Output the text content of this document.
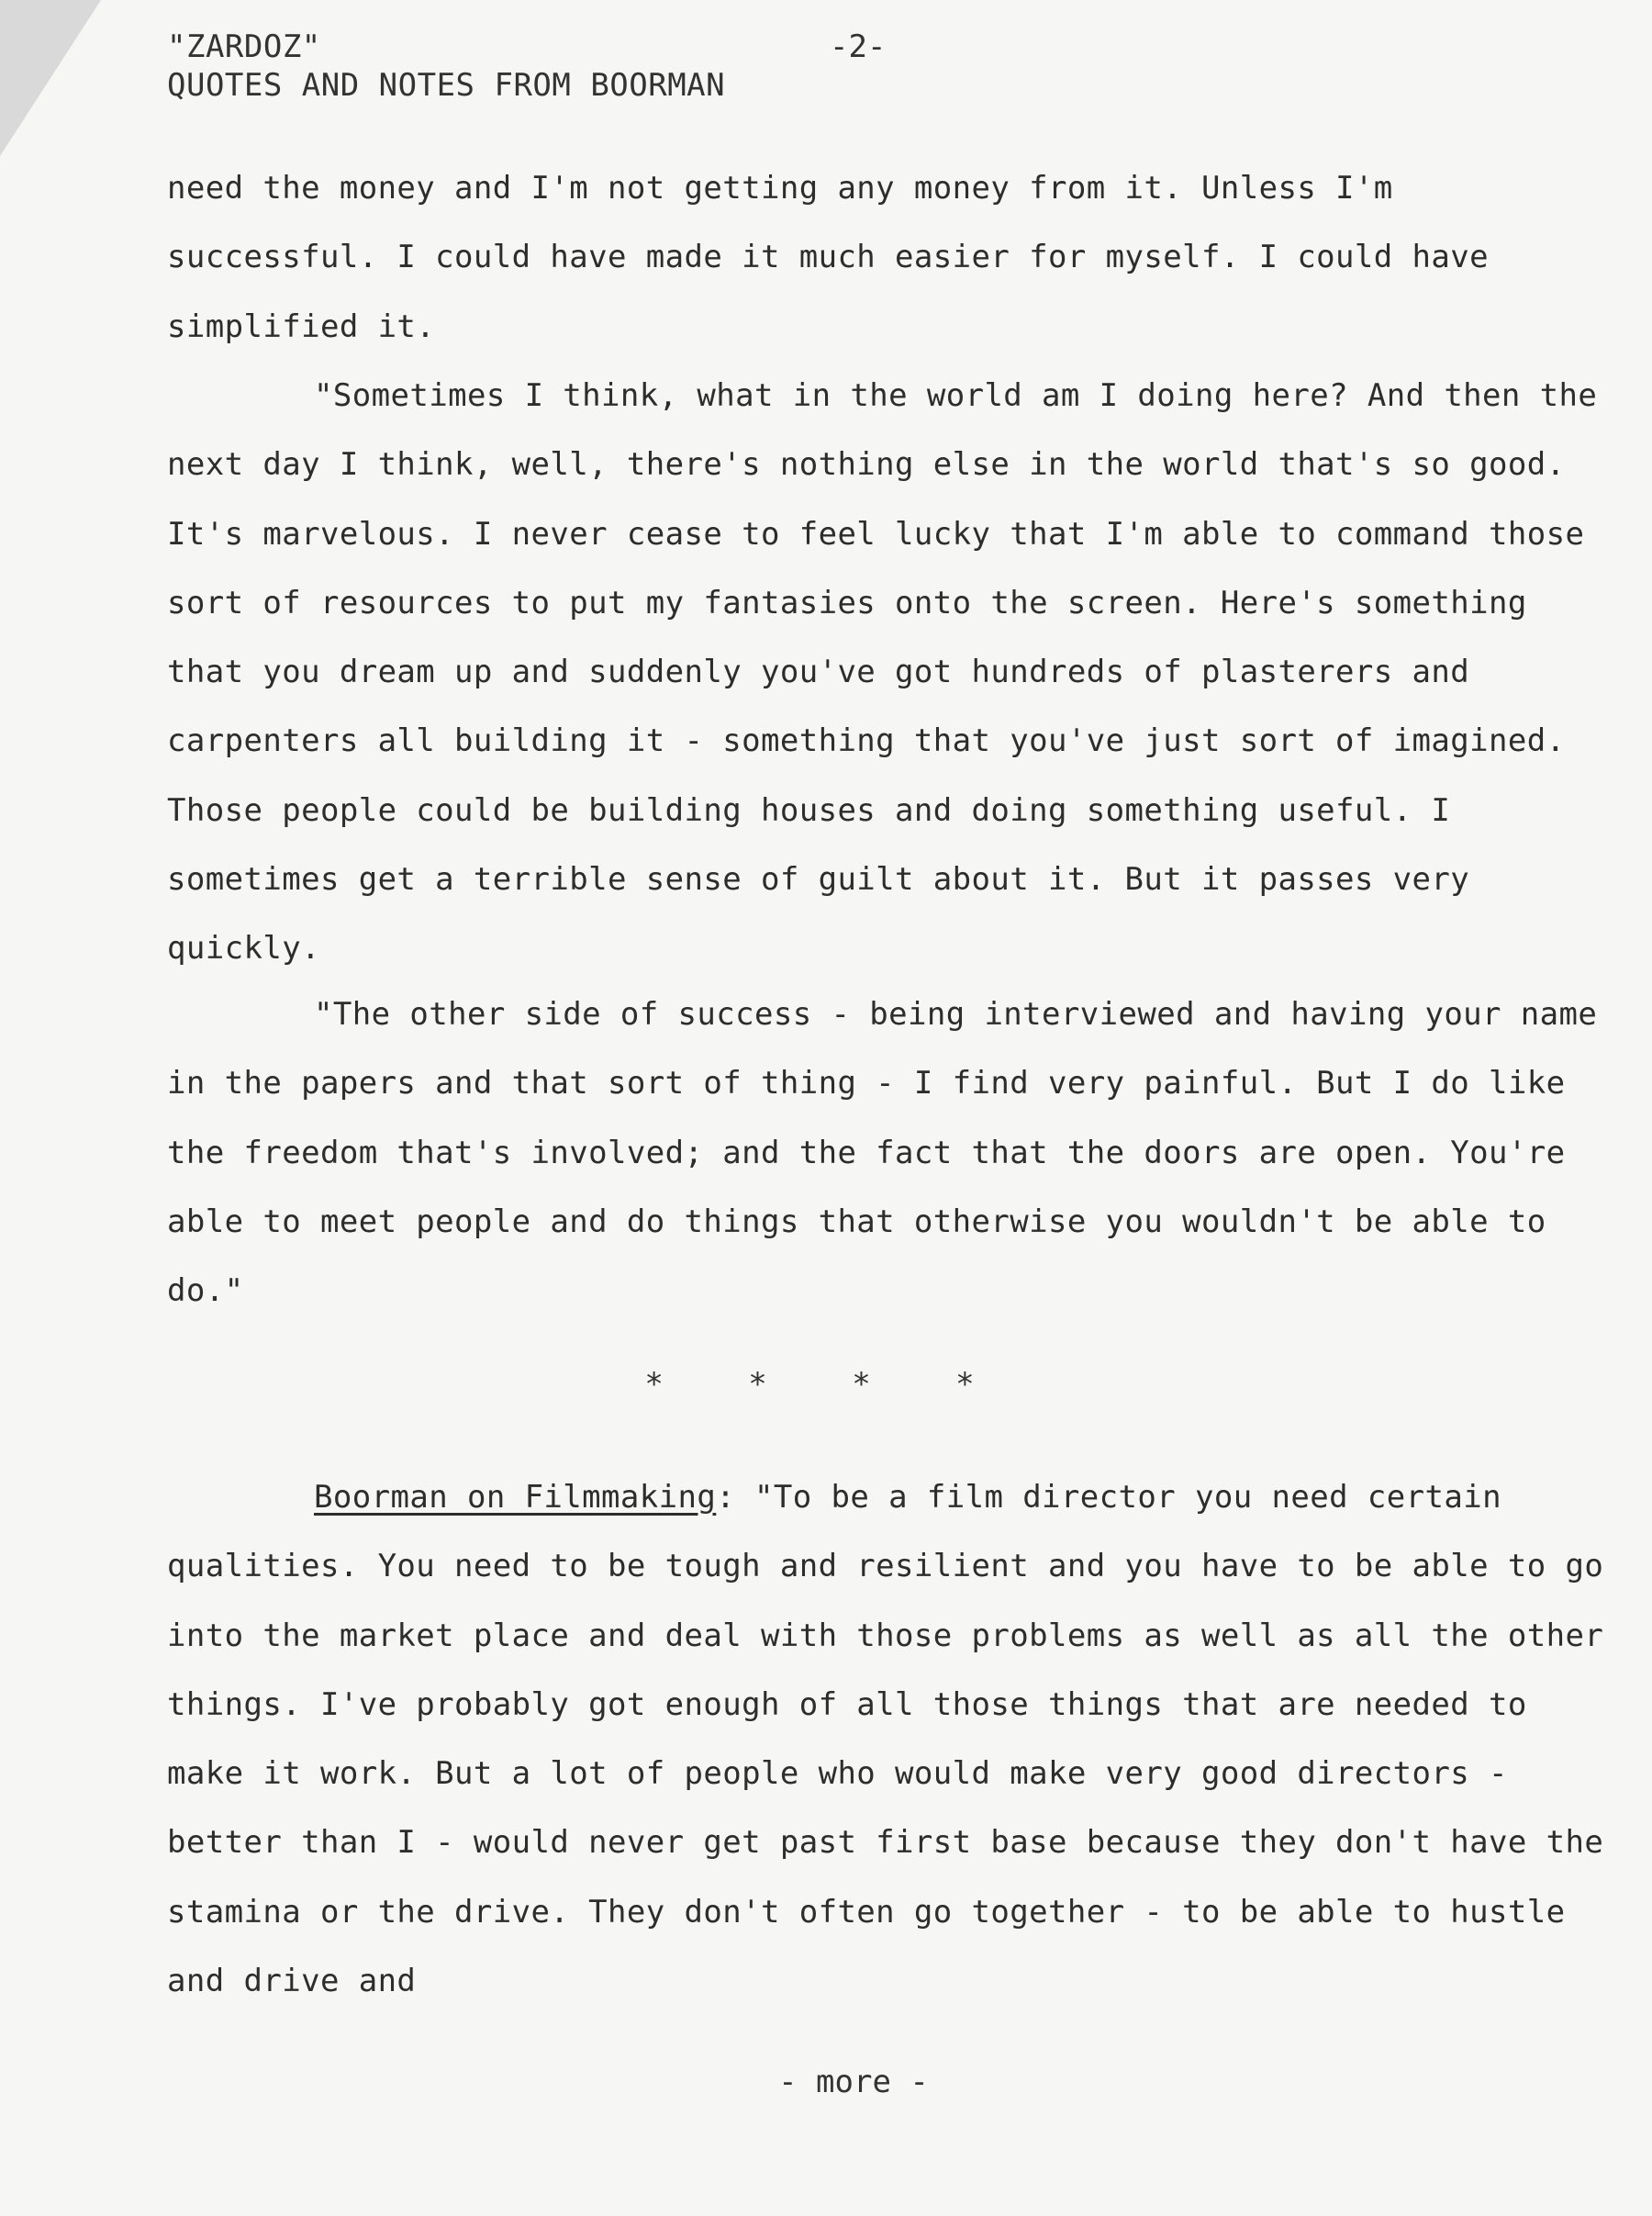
"ZARDOZ"
QUOTES AND NOTES FROM BOORMAN
-2-

need the money and I'm not getting any money from it. Unless I'm successful. I could have made it much easier for myself. I could have simplified it.

"Sometimes I think, what in the world am I doing here? And then the next day I think, well, there's nothing else in the world that's so good. It's marvelous. I never cease to feel lucky that I'm able to command those sort of resources to put my fantasies onto the screen. Here's something that you dream up and suddenly you've got hundreds of plasterers and carpenters all building it - something that you've just sort of imagined. Those people could be building houses and doing something useful. I sometimes get a terrible sense of guilt about it. But it passes very quickly.

"The other side of success - being interviewed and having your name in the papers and that sort of thing - I find very painful. But I do like the freedom that's involved; and the fact that the doors are open. You're able to meet people and do things that otherwise you wouldn't be able to do."

* * * *

Boorman on Filmmaking: "To be a film director you need certain qualities. You need to be tough and resilient and you have to be able to go into the market place and deal with those problems as well as all the other things. I've probably got enough of all those things that are needed to make it work. But a lot of people who would make very good directors - better than I - would never get past first base because they don't have the stamina or the drive. They don't often go together - to be able to hustle and drive and

- more -
